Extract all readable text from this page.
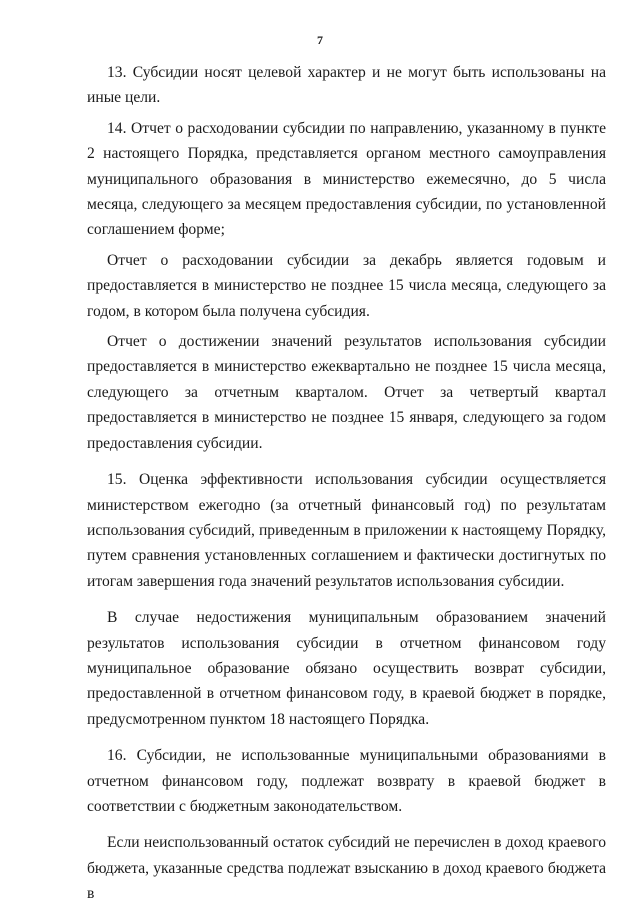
7

13. Субсидии носят целевой характер и не могут быть использованы на иные цели.

14. Отчет о расходовании субсидии по направлению, указанному в пункте 2 настоящего Порядка, представляется органом местного самоуправления муниципального образования в министерство ежемесячно, до 5 числа месяца, следующего за месяцем предоставления субсидии, по установленной соглашением форме;

Отчет о расходовании субсидии за декабрь является годовым и предоставляется в министерство не позднее 15 числа месяца, следующего за годом, в котором была получена субсидия.

Отчет о достижении значений результатов использования субсидии предоставляется в министерство ежеквартально не позднее 15 числа месяца, следующего за отчетным кварталом. Отчет за четвертый квартал предоставляется в министерство не позднее 15 января, следующего за годом предоставления субсидии.

15. Оценка эффективности использования субсидии осуществляется министерством ежегодно (за отчетный финансовый год) по результатам использования субсидий, приведенным в приложении к настоящему Порядку, путем сравнения установленных соглашением и фактически достигнутых по итогам завершения года значений результатов использования субсидии.

В случае недостижения муниципальным образованием значений результатов использования субсидии в отчетном финансовом году муниципальное образование обязано осуществить возврат субсидии, предоставленной в отчетном финансовом году, в краевой бюджет в порядке, предусмотренном пунктом 18 настоящего Порядка.

16. Субсидии, не использованные муниципальными образованиями в отчетном финансовом году, подлежат возврату в краевой бюджет в соответствии с бюджетным законодательством.

Если неиспользованный остаток субсидий не перечислен в доход краевого бюджета, указанные средства подлежат взысканию в доход краевого бюджета в
